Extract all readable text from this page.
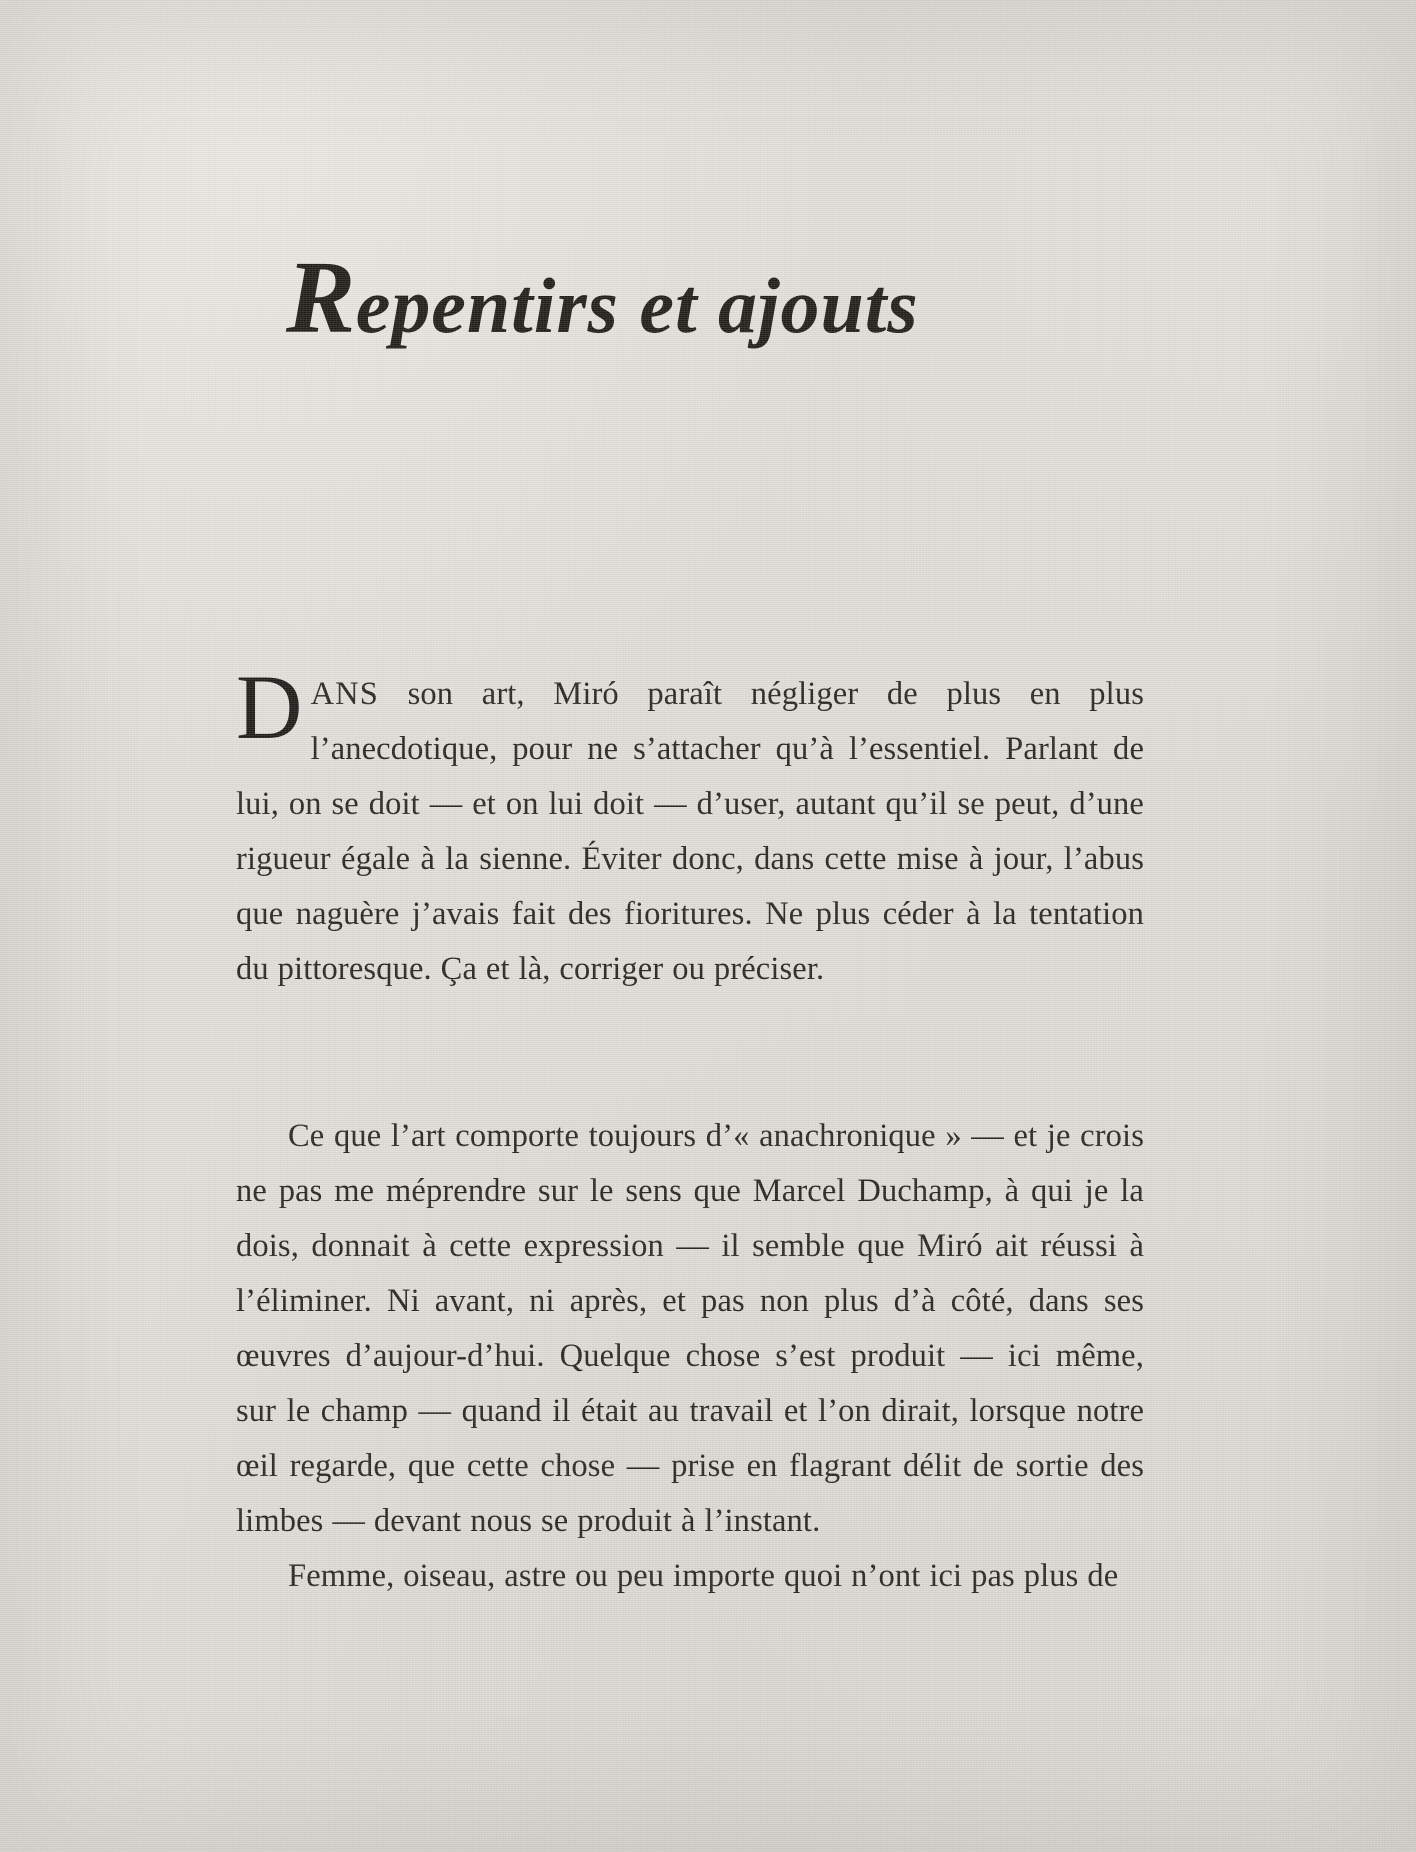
Repentirs et ajouts

DANS son art, Miró paraît négliger de plus en plus l’anecdotique, pour ne s’attacher qu’à l’essentiel. Parlant de lui, on se doit — et on lui doit — d’user, autant qu’il se peut, d’une rigueur égale à la sienne. Éviter donc, dans cette mise à jour, l’abus que naguère j’avais fait des fioritures. Ne plus céder à la tentation du pittoresque. Ça et là, corriger ou préciser.

Ce que l’art comporte toujours d’« anachronique » — et je crois ne pas me méprendre sur le sens que Marcel Duchamp, à qui je la dois, donnait à cette expression — il semble que Miró ait réussi à l’éliminer. Ni avant, ni après, et pas non plus d’à côté, dans ses œuvres d’aujour-d’hui. Quelque chose s’est produit — ici même, sur le champ — quand il était au travail et l’on dirait, lorsque notre œil regarde, que cette chose — prise en flagrant délit de sortie des limbes — devant nous se produit à l’instant.

Femme, oiseau, astre ou peu importe quoi n’ont ici pas plus de
